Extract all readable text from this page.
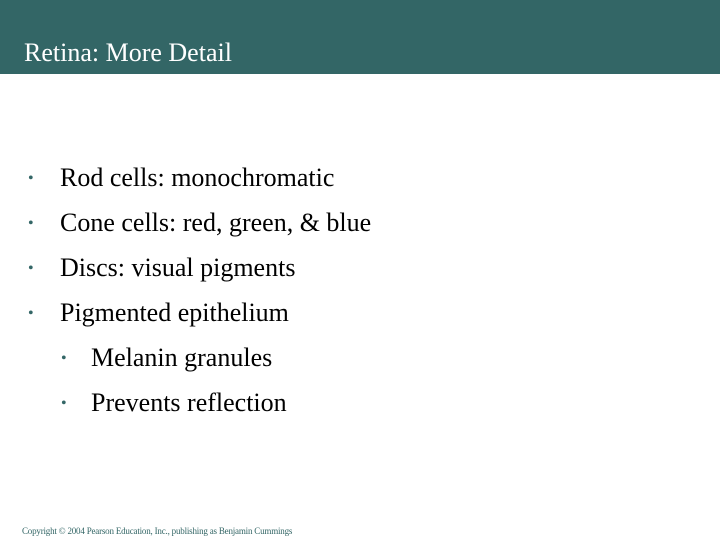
Retina: More Detail
•	Rod cells: monochromatic
•	Cone cells: red, green, & blue
•	Discs: visual pigments
•	Pigmented epithelium
• Melanin granules
• Prevents reflection
Copyright © 2004 Pearson Education, Inc., publishing as Benjamin Cummings
